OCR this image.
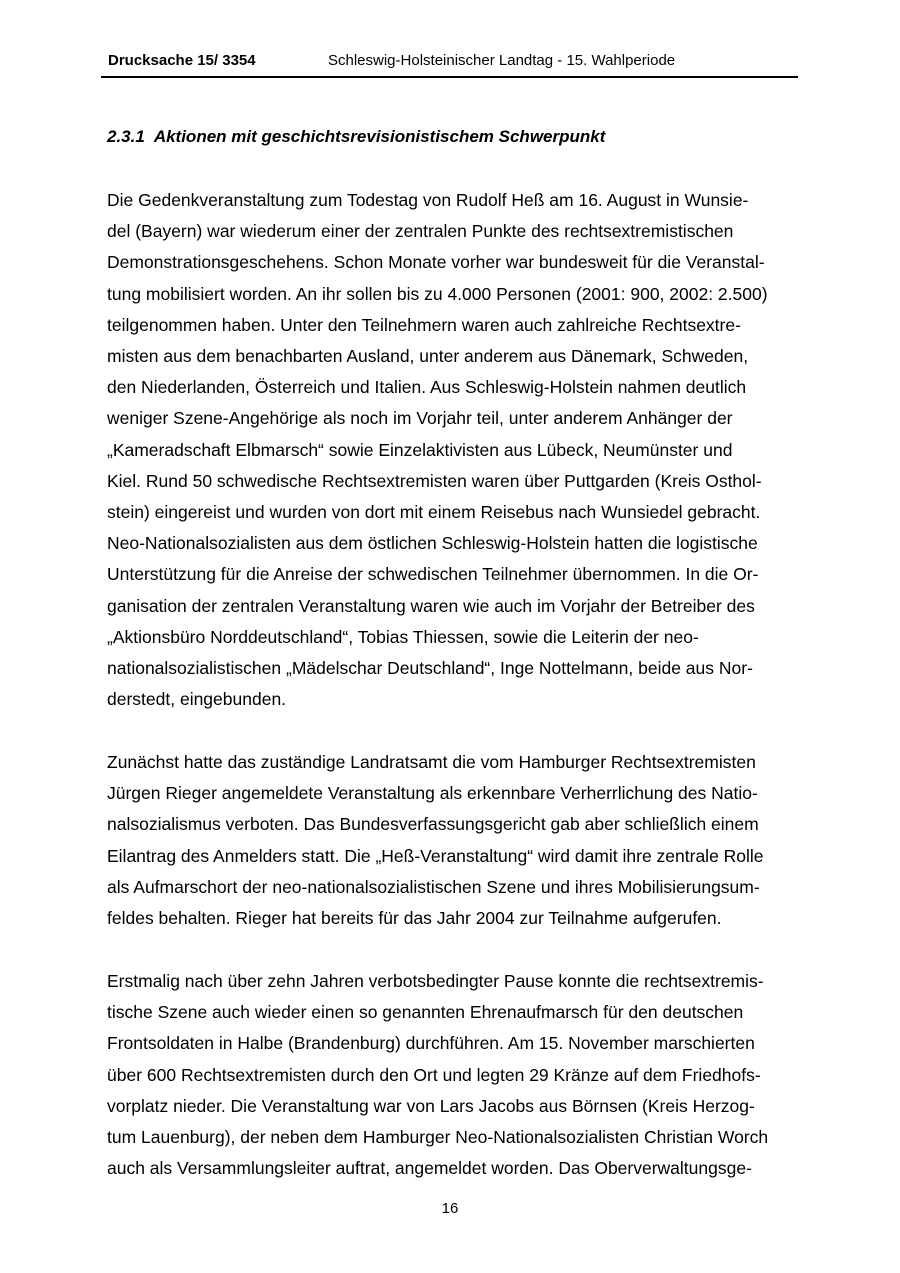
Drucksache 15/ 3354	Schleswig-Holsteinischer Landtag - 15. Wahlperiode
2.3.1 Aktionen mit geschichtsrevisionistischem Schwerpunkt
Die Gedenkveranstaltung zum Todestag von Rudolf Heß am 16. August in Wunsie-
del (Bayern) war wiederum einer der zentralen Punkte des rechtsextremistischen
Demonstrationsgeschehens. Schon Monate vorher war bundesweit für die Veranstal-
tung mobilisiert worden. An ihr sollen bis zu 4.000 Personen (2001: 900, 2002: 2.500)
teilgenommen haben. Unter den Teilnehmern waren auch zahlreiche Rechtsextre-
misten aus dem benachbarten Ausland, unter anderem aus Dänemark, Schweden,
den Niederlanden, Österreich und Italien. Aus Schleswig-Holstein nahmen deutlich
weniger Szene-Angehörige als noch im Vorjahr teil, unter anderem Anhänger der
„Kameradschaft Elbmarsch“ sowie Einzelaktivisten aus Lübeck, Neumünster und
Kiel. Rund 50 schwedische Rechtsextremisten waren über Puttgarden (Kreis Osthol-
stein) eingereist und wurden von dort mit einem Reisebus nach Wunsiedel gebracht.
Neo-Nationalsozialisten aus dem östlichen Schleswig-Holstein hatten die logistische
Unterstützung für die Anreise der schwedischen Teilnehmer übernommen. In die Or-
ganisation der zentralen Veranstaltung waren wie auch im Vorjahr der Betreiber des
„Aktionsbüro Norddeutschland“, Tobias Thiessen, sowie die Leiterin der neo-
nationalsozialistischen „Mädelschar Deutschland“, Inge Nottelmann, beide aus Nor-
derstedt, eingebunden.
Zunächst hatte das zuständige Landratsamt die vom Hamburger Rechtsextremisten
Jürgen Rieger angemeldete Veranstaltung als erkennbare Verherrlichung des Natio-
nalsozialismus verboten. Das Bundesverfassungsgericht gab aber schließlich einem
Eilantrag des Anmelders statt. Die „Heß-Veranstaltung“ wird damit ihre zentrale Rolle
als Aufmarschort der neo-nationalsozialistischen Szene und ihres Mobilisierungsum-
feldes behalten. Rieger hat bereits für das Jahr 2004 zur Teilnahme aufgerufen.
Erstmalig nach über zehn Jahren verbotsbedingter Pause konnte die rechtsextremis-
tische Szene auch wieder einen so genannten Ehrenaufmarsch für den deutschen
Frontsoldaten in Halbe (Brandenburg) durchführen. Am 15. November marschierten
über 600 Rechtsextremisten durch den Ort und legten 29 Kränze auf dem Friedhofs-
vorplatz nieder. Die Veranstaltung war von Lars Jacobs aus Börnsen (Kreis Herzog-
tum Lauenburg), der neben dem Hamburger Neo-Nationalsozialisten Christian Worch
auch als Versammlungsleiter auftrat, angemeldet worden. Das Oberverwaltungsge-
16
